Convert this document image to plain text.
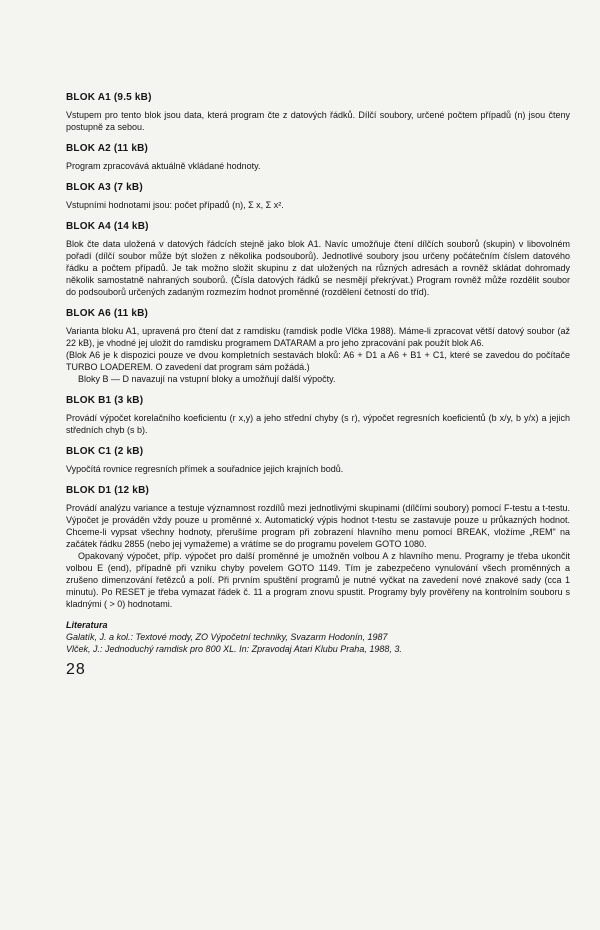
BLOK A1 (9.5 kB)

Vstupem pro tento blok jsou data, která program čte z datových řádků. Dílčí soubory, určené počtem případů (n) jsou čteny postupně za sebou.

BLOK A2 (11 kB)

Program zpracovává aktuálně vkládané hodnoty.

BLOK A3 (7 kB)

Vstupními hodnotami jsou: počet případů (n), Σ x, Σ x².

BLOK A4 (14 kB)

Blok čte data uložená v datových řádcích stejně jako blok A1. Navíc umožňuje čtení dílčích souborů (skupin) v libovolném pořadí (dílčí soubor může být složen z několika podsouborů). Jednotlivé soubory jsou určeny počátečním číslem datového řádku a počtem případů. Je tak možno složit skupinu z dat uložených na různých adresách a rovněž skládat dohromady několik samostatně nahraných souborů. (Čísla datových řádků se nesmějí překrývat.) Program rovněž může rozdělit soubor do podsouborů určených zadaným rozmezím hodnot proměnné (rozdělení četností do tříd).

BLOK A6 (11 kB)

Varianta bloku A1, upravená pro čtení dat z ramdisku (ramdisk podle Vlčka 1988). Máme-li zpracovat větší datový soubor (až 22 kB), je vhodné jej uložit do ramdisku programem DATARAM a pro jeho zpracování pak použít blok A6.

(Blok A6 je k dispozici pouze ve dvou kompletních sestavách bloků: A6 + D1 a A6 + B1 + C1, které se zavedou do počítače TURBO LOADEREM. O zavedení dat program sám požádá.)

Bloky B — D navazují na vstupní bloky a umožňují další výpočty.

BLOK B1 (3 kB)

Provádí výpočet korelačního koeficientu (r x,y) a jeho střední chyby (s r), výpočet regresních koeficientů (b x/y, b y/x) a jejich středních chyb (s b).

BLOK C1 (2 kB)

Vypočítá rovnice regresních přímek a souřadnice jejich krajních bodů.

BLOK D1 (12 kB)

Provádí analýzu variance a testuje významnost rozdílů mezi jednotlivými skupinami (dílčími soubory) pomocí F-testu a t-testu. Výpočet je prováděn vždy pouze u proměnné x. Automatický výpis hodnot t-testu se zastavuje pouze u průkazných hodnot. Chceme-li vypsat všechny hodnoty, přerušíme program při zobrazení hlavního menu pomocí BREAK, vložíme „REM" na začátek řádku 2855 (nebo jej vymažeme) a vrátíme se do programu povelem GOTO 1080.

Opakovaný výpočet, příp. výpočet pro další proměnné je umožněn volbou A z hlavního menu. Programy je třeba ukončit volbou E (end), případně při vzniku chyby povelem GOTO 1149. Tím je zabezpečeno vynulování všech proměnných a zrušeno dimenzování řetězců a polí. Při prvním spuštění programů je nutné vyčkat na zavedení nové znakové sady (cca 1 minutu). Po RESET je třeba vymazat řádek č. 11 a program znovu spustit. Programy byly prověřeny na kontrolním souboru s kladnými ( > 0) hodnotami.

Literatura

Galatík, J. a kol.: Textové mody, ZO Výpočetní techniky, Svazarm Hodonín, 1987

Vlček, J.: Jednoduchý ramdisk pro 800 XL. In: Zpravodaj Atari Klubu Praha, 1988, 3.

28
